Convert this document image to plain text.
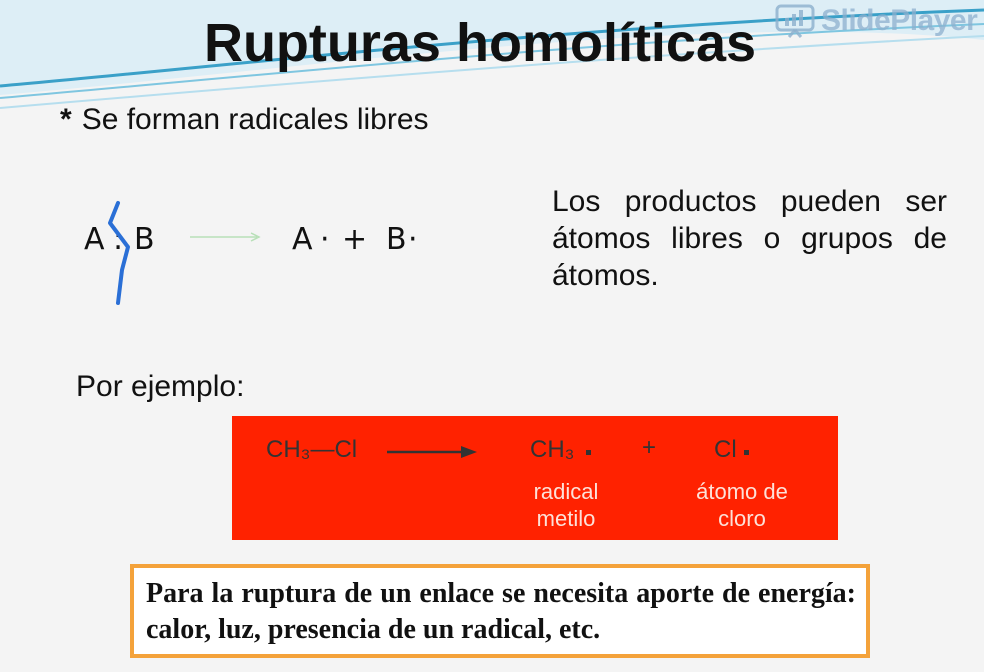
SlidePlayer
Rupturas homolíticas
* Se forman radicales libres
A : B	A · + B ·
Los productos pueden ser átomos libres o grupos de átomos.
Por ejemplo:
CH₃—Cl	CH₃	+ Cl
radical
metilo
átomo de
cloro
Para la ruptura de un enlace se necesita aporte de energía: calor, luz, presencia de un radical, etc.
